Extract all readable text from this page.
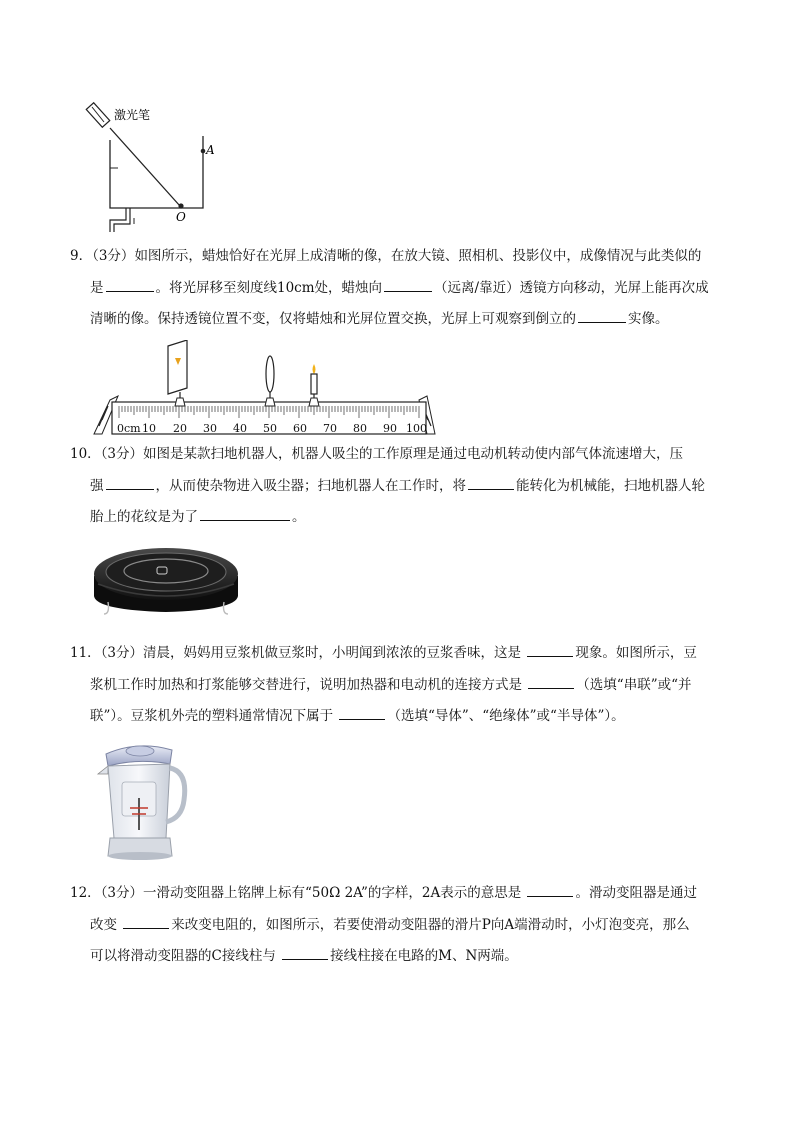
激光笔
A
O

9．（3分）如图所示，蜡烛恰好在光屏上成清晰的像，在放大镜、照相机、投影仪中，成像情况与此类似的

是	。将光屏移至刻度线10cm处，蜡烛向	（远离/靠近）透镜方向移动，光屏上能再次成

清晰的像。保持透镜位置不变，仅将蜡烛和光屏位置交换，光屏上可观察到倒立的	实像。

0cm 10 20 30 40 50 60 70 80 90 100

10．（3分）如图是某款扫地机器人，机器人吸尘的工作原理是通过电动机转动使内部气体流速增大，压

强	，从而使杂物进入吸尘器；扫地机器人在工作时，将	能转化为机械能，扫地机器人轮

胎上的花纹是为了	。

11．（3分）清晨，妈妈用豆浆机做豆浆时，小明闻到浓浓的豆浆香味，这是	现象。如图所示，豆

浆机工作时加热和打浆能够交替进行，说明加热器和电动机的连接方式是	（选填“串联”或“并

联”）。豆浆机外壳的塑料通常情况下属于	（选填“导体”、“绝缘体”或“半导体”）。

12．（3分）一滑动变阻器上铭牌上标有“50Ω 2A”的字样，2A表示的意思是	。滑动变阻器是通过

改变	来改变电阻的，如图所示，若要使滑动变阻器的滑片P向A端滑动时，小灯泡变亮，那么

可以将滑动变阻器的C接线柱与	接线柱接在电路的M、N两端。
